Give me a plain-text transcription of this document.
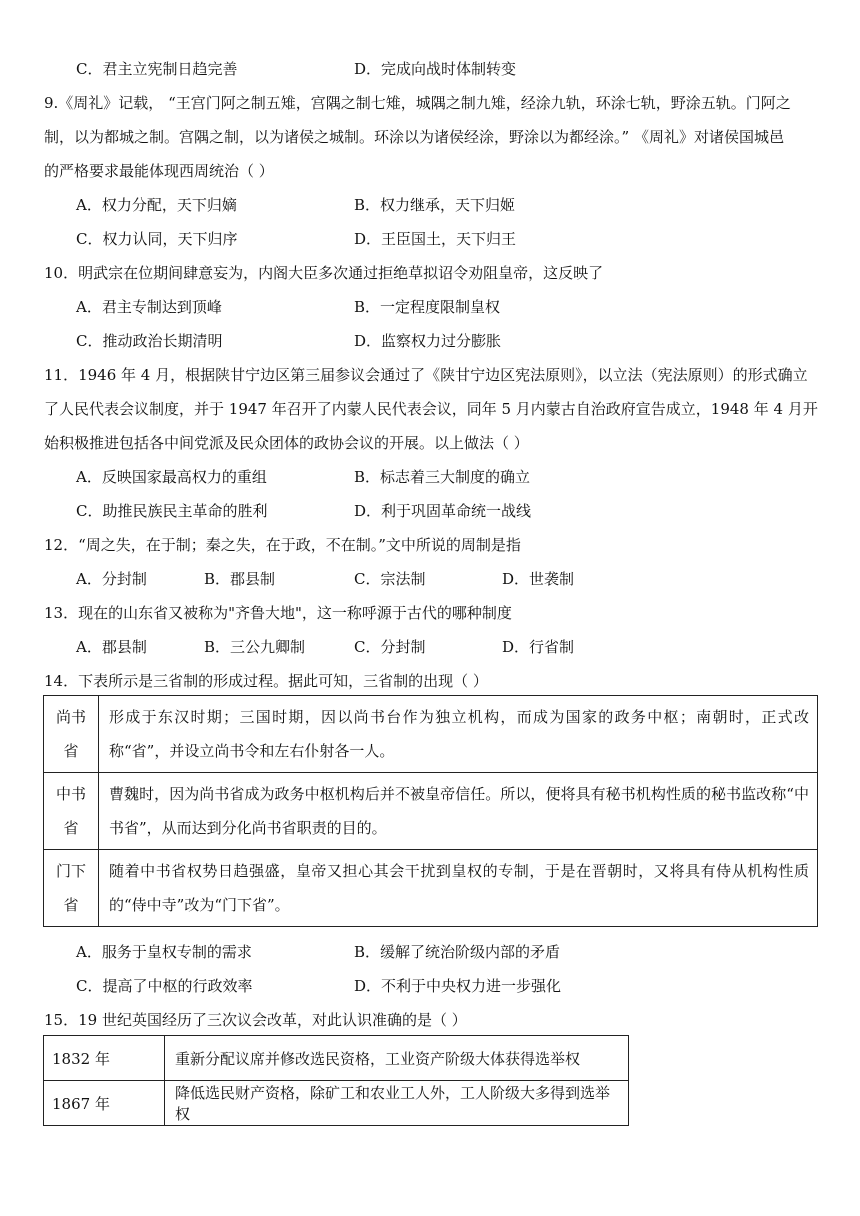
C．君主立宪制日趋完善	D．完成向战时体制转变
9.《周礼》记载， “王宫门阿之制五雉，宫隅之制七雉，城隅之制九雉，经涂九轨，环涂七轨，野涂五轨。门阿之
制，以为都城之制。宫隅之制，以为诸侯之城制。环涂以为诸侯经涂，野涂以为都经涂。” 《周礼》对诸侯国城邑
的严格要求最能体现西周统治（ ）
A．权力分配，天下归嫡	B．权力继承，天下归姬
C．权力认同，天下归序	D．王臣国土，天下归王
10．明武宗在位期间肆意妄为，内阁大臣多次通过拒绝草拟诏令劝阻皇帝，这反映了
A．君主专制达到顶峰	B．一定程度限制皇权
C．推动政治长期清明	D．监察权力过分膨胀
11．1946 年 4 月，根据陕甘宁边区第三届参议会通过了《陕甘宁边区宪法原则》，以立法（宪法原则）的形式确立
了人民代表会议制度，并于 1947 年召开了内蒙人民代表会议，同年 5 月内蒙古自治政府宣告成立，1948 年 4 月开
始积极推进包括各中间党派及民众团体的政协会议的开展。以上做法（ ）
A．反映国家最高权力的重组	B．标志着三大制度的确立
C．助推民族民主革命的胜利	D．利于巩固革命统一战线
12．“周之失，在于制；秦之失，在于政，不在制。”文中所说的周制是指
A．分封制	B．郡县制	C．宗法制	D．世袭制
13．现在的山东省又被称为"齐鲁大地"，这一称呼源于古代的哪种制度
A．郡县制	B．三公九卿制	C．分封制	D．行省制
14．下表所示是三省制的形成过程。据此可知，三省制的出现（ ）
尚书省	形成于东汉时期；三国时期，因以尚书台作为独立机构，而成为国家的政务中枢；南朝时，正式改称“省”，并设立尚书令和左右仆射各一人。

中书省	曹魏时，因为尚书省成为政务中枢机构后并不被皇帝信任。所以，便将具有秘书机构性质的秘书监改称“中书省”，从而达到分化尚书省职责的目的。

门下省	随着中书省权势日趋强盛，皇帝又担心其会干扰到皇权的专制，于是在晋朝时，又将具有侍从机构性质的“侍中寺”改为“门下省”。
A．服务于皇权专制的需求	B．缓解了统治阶级内部的矛盾
C．提高了中枢的行政效率	D．不利于中央权力进一步强化
15．19 世纪英国经历了三次议会改革，对此认识准确的是（ ）
1832 年	重新分配议席并修改选民资格，工业资产阶级大体获得选举权
1867 年	降低选民财产资格，除矿工和农业工人外，工人阶级大多得到选举权
